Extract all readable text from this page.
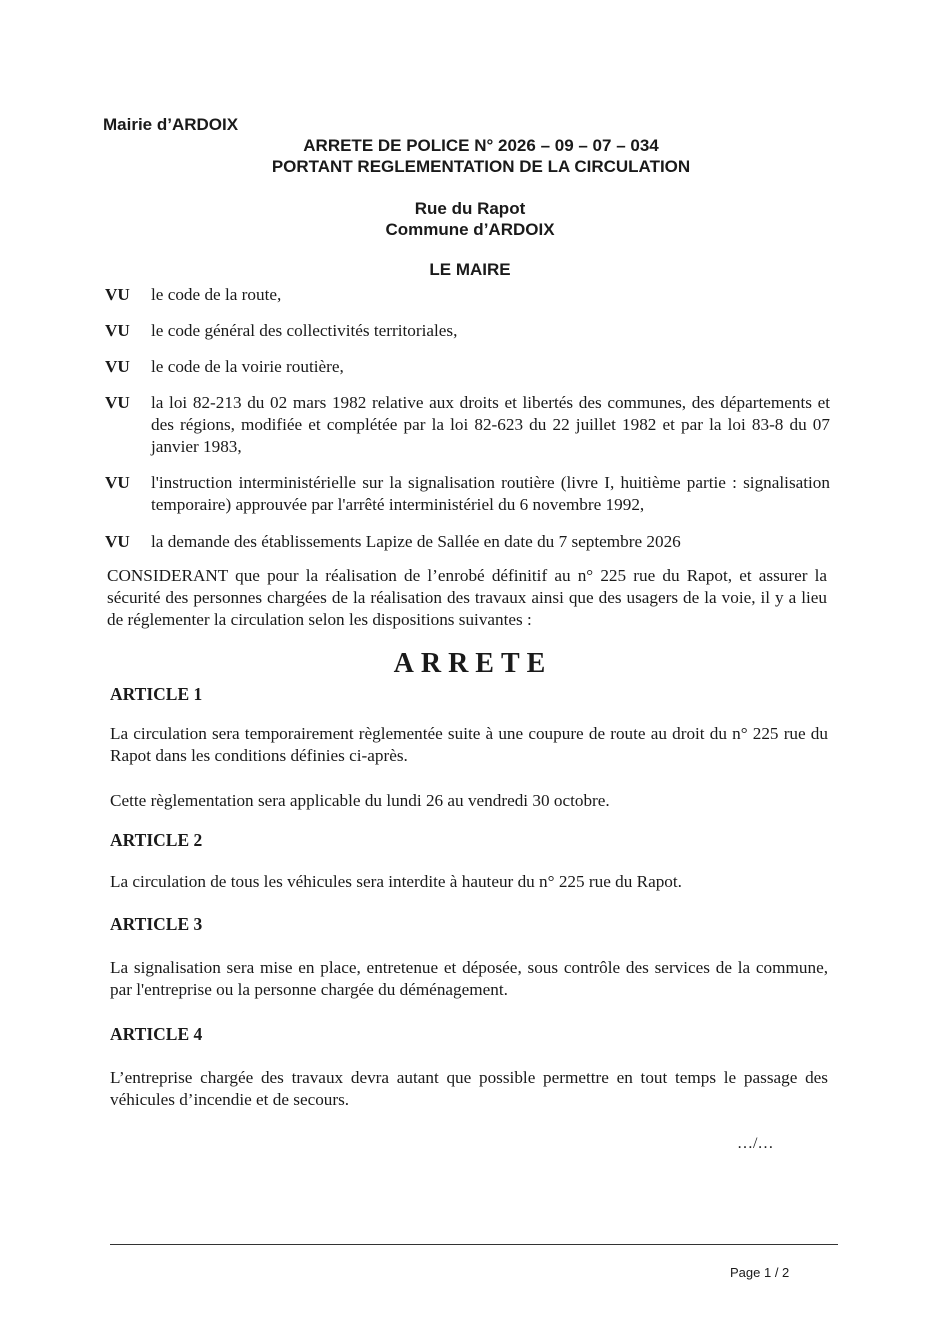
Mairie d’ARDOIX
ARRETE DE POLICE N° 2026 – 09 – 07 – 034
PORTANT REGLEMENTATION DE LA CIRCULATION
Rue du Rapot
Commune d’ARDOIX
LE MAIRE
VU	le code de la route,
VU	le code général des collectivités territoriales,
VU	le code de la voirie routière,
VU	la loi 82-213 du 02 mars 1982 relative aux droits et libertés des communes, des départements et des régions, modifiée et complétée par la loi 82-623 du 22 juillet 1982 et par la loi 83-8 du 07 janvier 1983,
VU	l'instruction interministérielle sur la signalisation routière (livre I, huitième partie : signalisation temporaire) approuvée par l'arrêté interministériel du 6 novembre 1992,
VU	la demande des établissements Lapize de Sallée en date du 7 septembre 2026
CONSIDERANT que pour la réalisation de l’enrobé définitif au n° 225 rue du Rapot, et assurer la sécurité des personnes chargées de la réalisation des travaux ainsi que des usagers de la voie, il y a lieu de réglementer la circulation selon les dispositions suivantes :
ARRETE
ARTICLE 1
La circulation sera temporairement règlementée suite à une coupure de route au droit du n° 225 rue du Rapot dans les conditions définies ci-après.
Cette règlementation sera applicable du lundi 26 au vendredi 30 octobre.
ARTICLE 2
La circulation de tous les véhicules sera interdite à hauteur du n° 225 rue du Rapot.
ARTICLE 3
La signalisation sera mise en place, entretenue et déposée, sous contrôle des services de la commune, par l'entreprise ou la personne chargée du déménagement.
ARTICLE 4
L’entreprise chargée des travaux devra autant que possible permettre en tout temps le passage des véhicules d’incendie et de secours.
…/…
Page 1 / 2
